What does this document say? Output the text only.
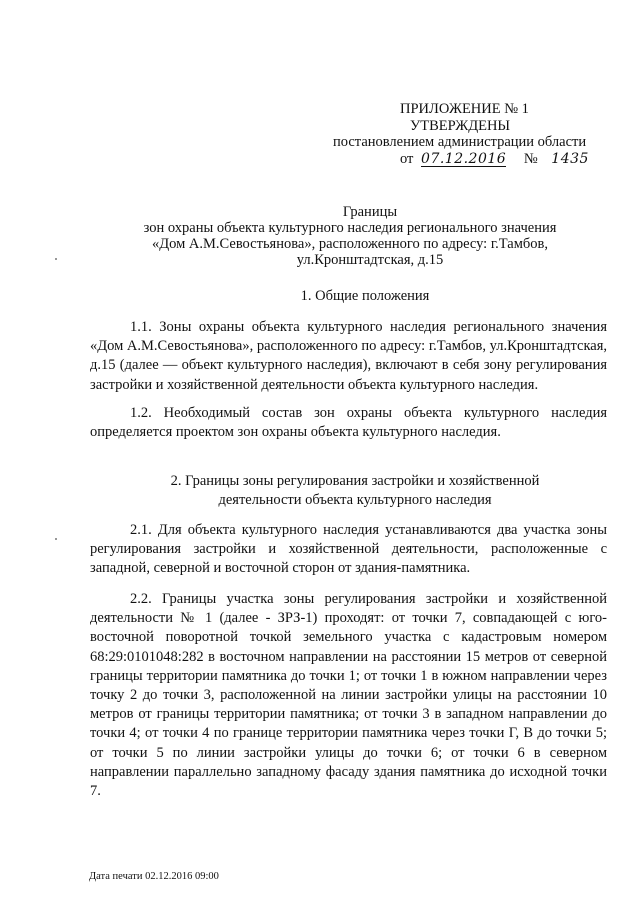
ПРИЛОЖЕНИЕ № 1
УТВЕРЖДЕНЫ
постановлением администрации области
от 07.12.2016 № 1435
Границы
зон охраны объекта культурного наследия регионального значения
«Дом А.М.Севостьянова», расположенного по адресу: г.Тамбов,
ул.Кронштадтская, д.15
1. Общие положения
1.1. Зоны охраны объекта культурного наследия регионального значения «Дом А.М.Севостьянова», расположенного по адресу: г.Тамбов, ул.Кронштадтская, д.15 (далее — объект культурного наследия), включают в себя зону регулирования застройки и хозяйственной деятельности объекта культурного наследия.
1.2. Необходимый состав зон охраны объекта культурного наследия определяется проектом зон охраны объекта культурного наследия.
2. Границы зоны регулирования застройки и хозяйственной
деятельности объекта культурного наследия
2.1. Для объекта культурного наследия устанавливаются два участка зоны регулирования застройки и хозяйственной деятельности, расположенные с западной, северной и восточной сторон от здания-памятника.
2.2. Границы участка зоны регулирования застройки и хозяйственной деятельности № 1 (далее - ЗРЗ-1) проходят: от точки 7, совпадающей с юго-восточной поворотной точкой земельного участка с кадастровым номером 68:29:0101048:282 в восточном направлении на расстоянии 15 метров от северной границы территории памятника до точки 1; от точки 1 в южном направлении через точку 2 до точки 3, расположенной на линии застройки улицы на расстоянии 10 метров от границы территории памятника; от точки 3 в западном направлении до точки 4; от точки 4 по границе территории памятника через точки Г, В до точки 5; от точки 5 по линии застройки улицы до точки 6; от точки 6 в северном направлении параллельно западному фасаду здания памятника до исходной точки 7.
Дата печати 02.12.2016 09:00
